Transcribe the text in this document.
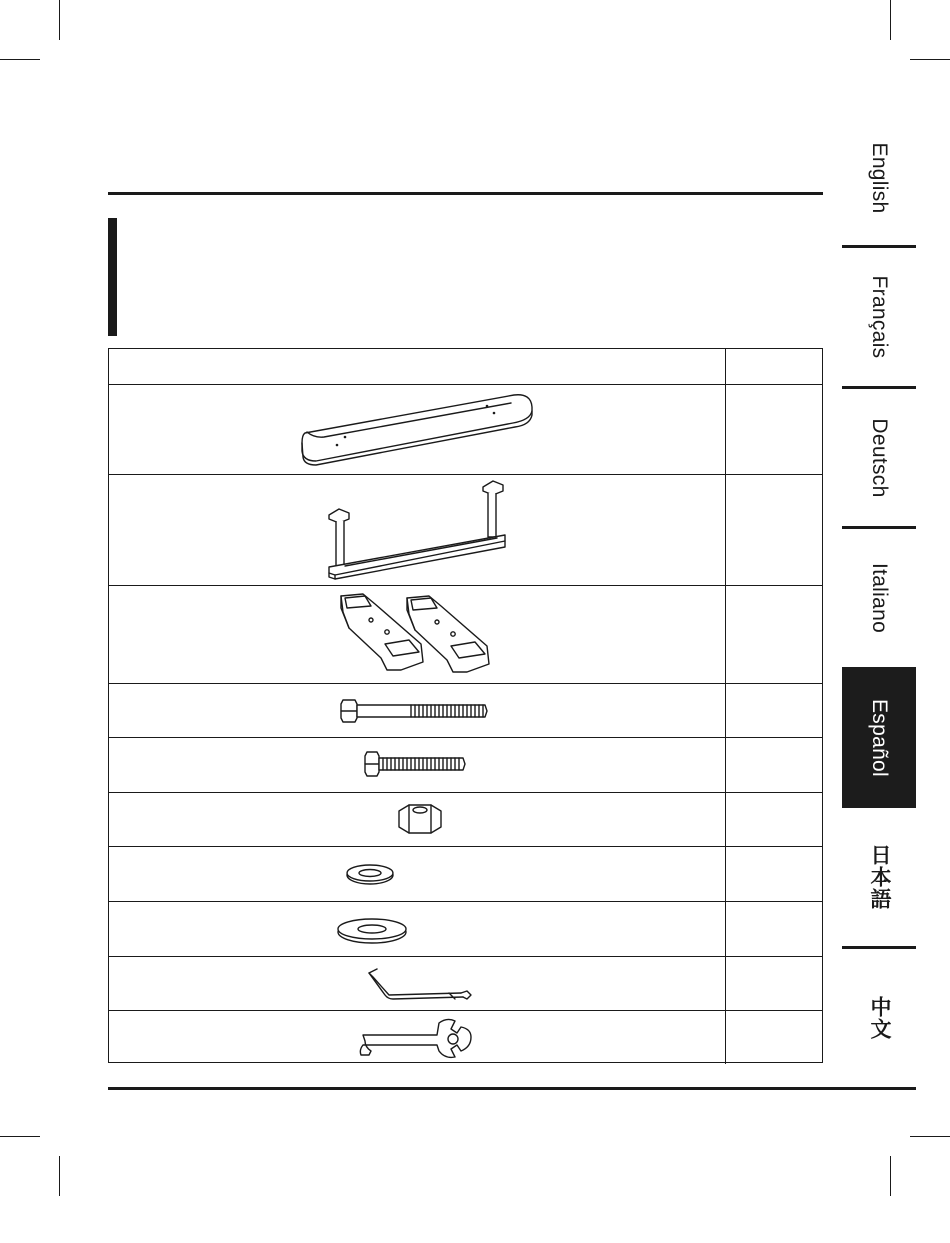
English
Français
Deutsch
Italiano
Español
日本語
中文
